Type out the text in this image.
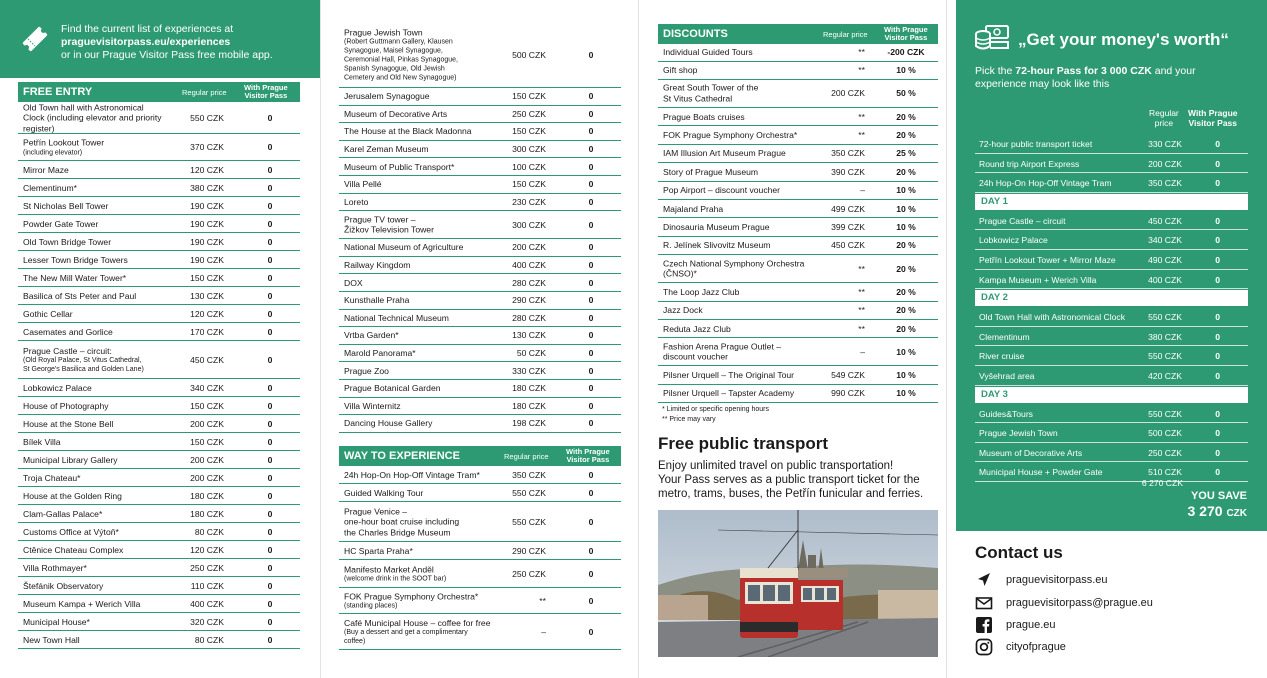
Find the current list of experiences at
praguevisitorpass.eu/experiences
or in our Prague Visitor Pass free mobile app.
FREE ENTRY	Regular price
With Prague
Visitor Pass
Old Town hall with Astronomical
Clock (including elevator and priority
register)
550 CZK	0
Petřín Lookout Tower
(including elevator)
370 CZK	0
Mirror Maze	120 CZK	0
Clementinum*	380 CZK	0
St Nicholas Bell Tower	190 CZK	0
Powder Gate Tower	190 CZK	0
Old Town Bridge Tower	190 CZK	0
Lesser Town Bridge Towers	190 CZK	0
The New Mill Water Tower*	150 CZK	0
Basilica of Sts Peter and Paul	130 CZK	0
Gothic Cellar	120 CZK	0
Casemates and Gorlice	170 CZK	0
Prague Castle – circuit:
(Old Royal Palace, St Vitus Cathedral,
St George's Basilica and Golden Lane)
450 CZK	0
Lobkowicz Palace	340 CZK	0
House of Photography	150 CZK	0
House at the Stone Bell	200 CZK	0
Bílek Villa	150 CZK	0
Municipal Library Gallery	200 CZK	0
Troja Chateau*	200 CZK	0
House at the Golden Ring	180 CZK	0
Clam-Gallas Palace*	180 CZK	0
Customs Office at Výtoň*	80 CZK	0
Ctěnice Chateau Complex	120 CZK	0
Villa Rothmayer*	250 CZK	0
Štefánik Observatory	110 CZK	0
Museum Kampa + Werich Villa	400 CZK	0
Municipal House*	320 CZK	0
New Town Hall	80 CZK	0
Prague Jewish Town
(Robert Guttmann Gallery, Klausen
Synagogue, Maisel Synagogue,
Ceremonial Hall, Pinkas Synagogue,
Spanish Synagogue, Old Jewish
Cemetery and Old New Synagogue)
500 CZK	0
Jerusalem Synagogue	150 CZK	0
Museum of Decorative Arts	250 CZK	0
The House at the Black Madonna	150 CZK	0
Karel Zeman Museum	300 CZK	0
Museum of Public Transport*	100 CZK	0
Villa Pellé	150 CZK	0
Loreto	230 CZK	0
Prague TV tower –
Žižkov Television Tower	300 CZK	0
National Museum of Agriculture	200 CZK	0
Railway Kingdom	400 CZK	0
DOX	280 CZK	0
Kunsthalle Praha	290 CZK	0
National Technical Museum	280 CZK	0
Vrtba Garden*	130 CZK	0
Marold Panorama*	50 CZK	0
Prague Zoo	330 CZK	0
Prague Botanical Garden	180 CZK	0
Villa Winternitz	180 CZK	0
Dancing House Gallery	198 CZK	0
WAY TO EXPERIENCE	Regular price
With Prague
Visitor Pass
24h Hop-On Hop-Off Vintage Tram*	350 CZK	0
Guided Walking Tour	550 CZK	0
Prague Venice –
one-hour boat cruise including
the Charles Bridge Museum
550 CZK	0
HC Sparta Praha*	290 CZK	0
Manifesto Market Anděl
(welcome drink in the SOOT bar)
250 CZK	0
FOK Prague Symphony Orchestra*
(standing places)
**	0
Café Municipal House – coffee for free
(Buy a dessert and get a complimentary
coffee)
–	0
DISCOUNTS	Regular price
With Prague
Visitor Pass
Individual Guided Tours	**	-200 CZK
Gift shop	**	10 %
Great South Tower of the
St Vitus Cathedral	200 CZK	50 %
Prague Boats cruises	**	20 %
FOK Prague Symphony Orchestra*	**	20 %
IAM Illusion Art Museum Prague	350 CZK	25 %
Story of Prague Museum	390 CZK	20 %
Pop Airport – discount voucher	–	10 %
Majaland Praha	499 CZK	10 %
Dinosauria Museum Prague	399 CZK	10 %
R. Jelínek Slivovitz Museum	450 CZK	20 %
Czech National Symphony Orchestra
(ČNSO)*	**	20 %
The Loop Jazz Club	**	20 %
Jazz Dock	**	20 %
Reduta Jazz Club	**	20 %
Fashion Arena Prague Outlet –
discount voucher	–	10 %
Pilsner Urquell – The Original Tour	549 CZK	10 %
Pilsner Urquell – Tapster Academy	990 CZK	10 %
* Limited or specific opening hours
** Price may vary
Free public transport
Enjoy unlimited travel on public transportation!
Your Pass serves as a public transport ticket for the
metro, trams, buses, the Petřín funicular and ferries.
„Get your money's worth“
Pick the 72-hour Pass for 3 000 CZK and your
experience may look like this
Regular
price
With Prague
Visitor Pass
72-hour public transport ticket	330 CZK	0
Round trip Airport Express	200 CZK	0
24h Hop-On Hop-Off Vintage Tram	350 CZK	0
DAY 1
Prague Castle – circuit	450 CZK	0
Lobkowicz Palace	340 CZK	0
Petřín Lookout Tower + Mirror Maze	490 CZK	0
Kampa Museum + Werich Villa	400 CZK	0
DAY 2
Old Town Hall with Astronomical Clock	550 CZK	0
Clementinum	380 CZK	0
River cruise	550 CZK	0
Vyšehrad area	420 CZK	0
DAY 3
Guides&Tours	550 CZK	0
Prague Jewish Town	500 CZK	0
Museum of Decorative Arts	250 CZK	0
Municipal House + Powder Gate	510 CZK	0
6 270 CZK
YOU SAVE
3 270 CZK
Contact us
praguevisitorpass.eu
praguevisitorpass@prague.eu
prague.eu
cityofprague
